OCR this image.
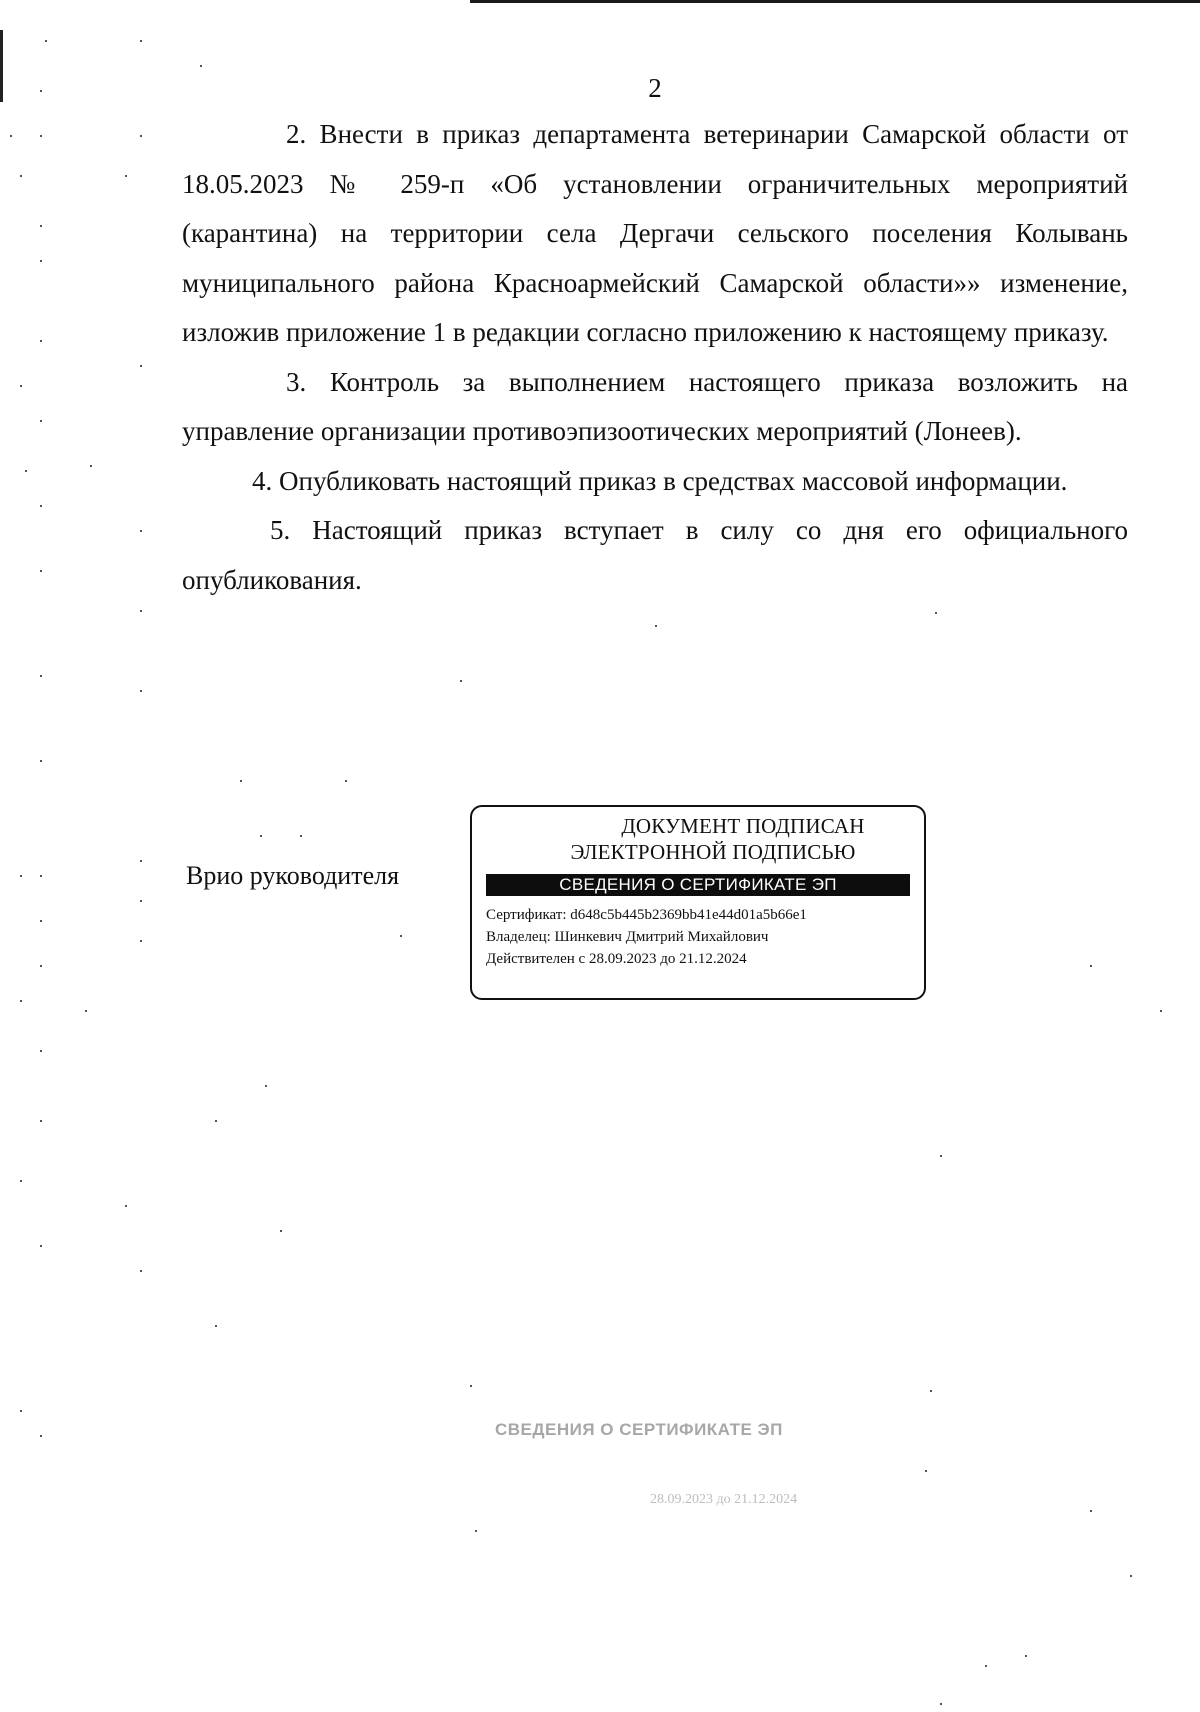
2

2. Внести в приказ департамента ветеринарии Самарской области от 18.05.2023 № 259-п «Об установлении ограничительных мероприятий (карантина) на территории села Дергачи сельского поселения Колывань муниципального района Красноармейский Самарской области»» изменение, изложив приложение 1 в редакции согласно приложению к настоящему приказу.

3. Контроль за выполнением настоящего приказа возложить на управление организации противоэпизоотических мероприятий (Лонеев).

4. Опубликовать настоящий приказ в средствах массовой информации.

5. Настоящий приказ вступает в силу со дня его официального опубликования.

Врио руководителя
ДОКУМЕНТ ПОДПИСАН
ЭЛЕКТРОННОЙ ПОДПИСЬЮ
СВЕДЕНИЯ О СЕРТИФИКАТЕ ЭП
Сертификат: d648c5b445b2369bb41e44d01a5b66e1
Владелец: Шинкевич Дмитрий Михайлович
Действителен с 28.09.2023 до 21.12.2024
СВЕДЕНИЯ О СЕРТИФИКАТЕ ЭП
28.09.2023 до 21.12.2024
